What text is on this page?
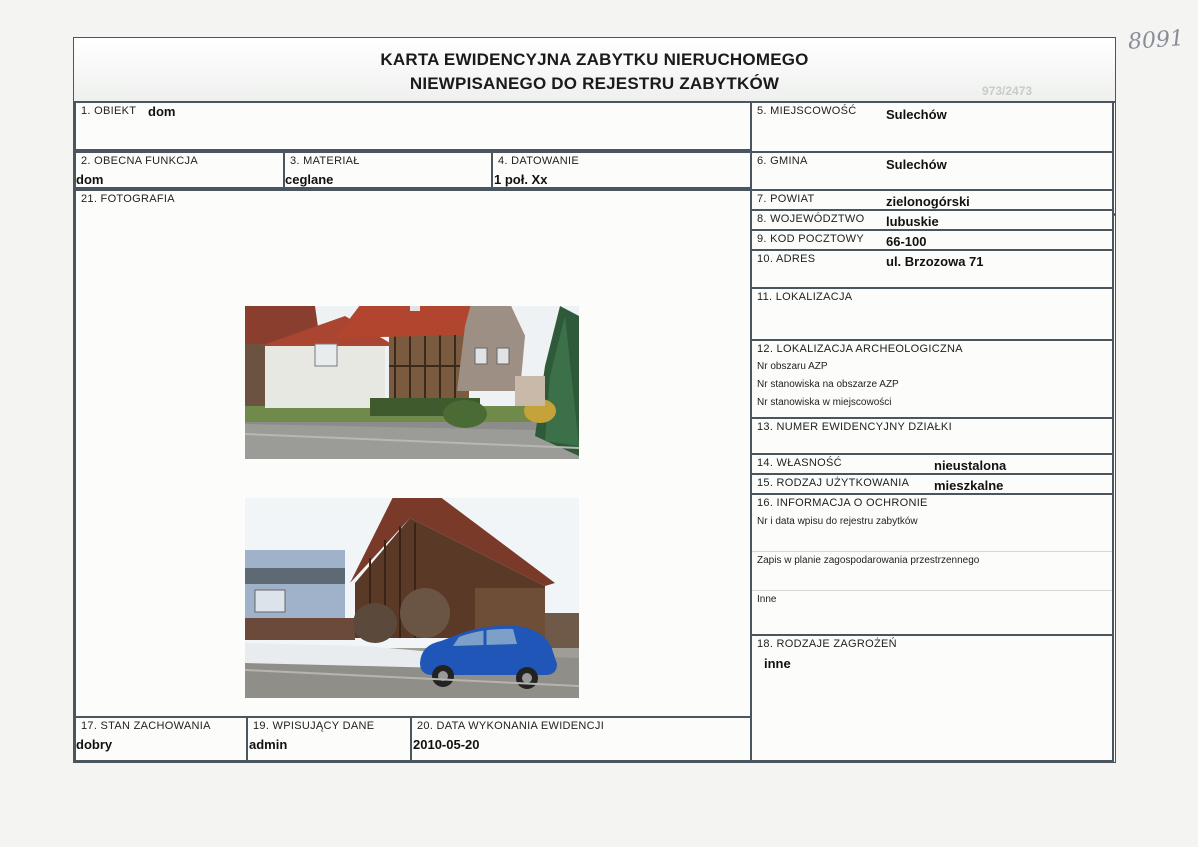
8091
KARTA EWIDENCYJNA ZABYTKU NIERUCHOMEGO
NIEWPISANEGO DO REJESTRU ZABYTKÓW	973/2473
1. OBIEKT dom
2. OBECNA FUNKCJA
dom
3. MATERIAŁ
ceglane
4. DATOWANIE
1 poł. Xx
21. FOTOGRAFIA
17. STAN ZACHOWANIA
dobry
19. WPISUJĄCY DANE
admin
20. DATA WYKONANIA EWIDENCJI
2010-05-20
5. MIEJSCOWOŚĆ Sulechów
6. GMINA	Sulechów
7. POWIAT	zielonogórski
8. WOJEWÓDZTWO lubuskie
9. KOD POCZTOWY 66-100
10. ADRES	ul. Brzozowa 71
11. LOKALIZACJA
12. LOKALIZACJA ARCHEOLOGICZNA
Nr obszaru AZP
Nr stanowiska na obszarze AZP
Nr stanowiska w miejscowości
13. NUMER EWIDENCYJNY DZIAŁKI
14. WŁASNOŚĆ	nieustalona
15. RODZAJ UŻYTKOWANIA mieszkalne
16. INFORMACJA O OCHRONIE
Nr i data wpisu do rejestru zabytków
Zapis w planie zagospodarowania przestrzennego
Inne
18. RODZAJE ZAGROŻEŃ
inne
